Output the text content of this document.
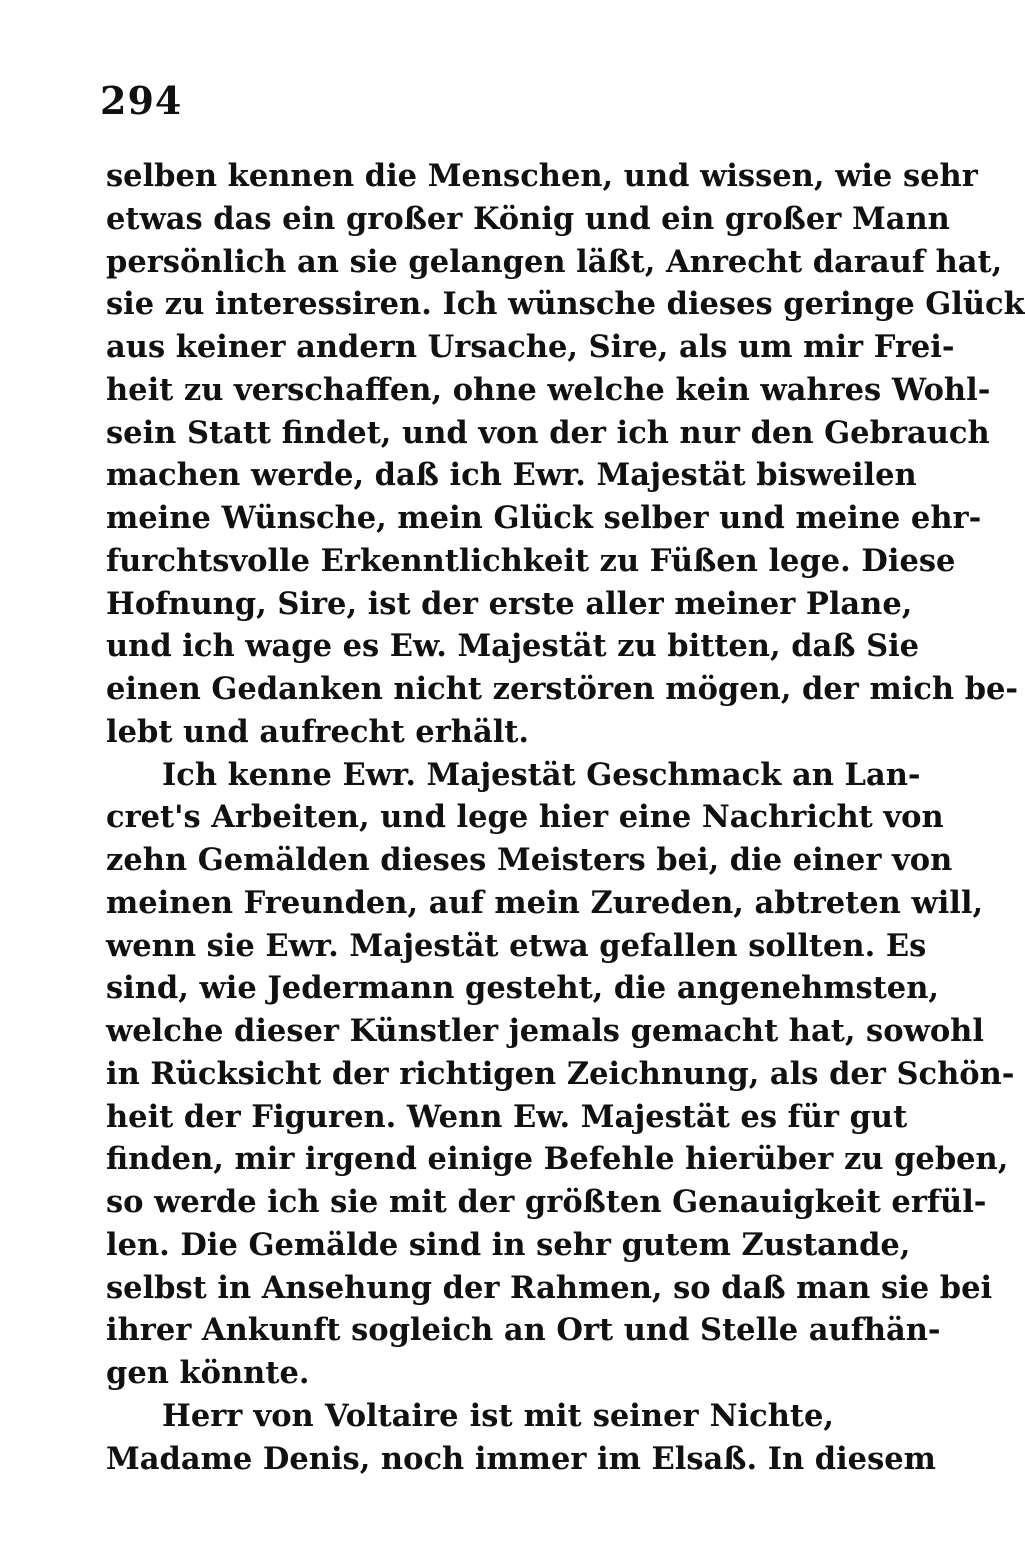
294
selben kennen die Menschen, und wissen, wie sehr
etwas das ein großer König und ein großer Mann
persönlich an sie gelangen läßt, Anrecht darauf hat,
sie zu interessiren. Ich wünsche dieses geringe Glück
aus keiner andern Ursache, Sire, als um mir Frei-
heit zu verschaffen, ohne welche kein wahres Wohl-
sein Statt findet, und von der ich nur den Gebrauch
machen werde, daß ich Ewr. Majestät bisweilen
meine Wünsche, mein Glück selber und meine ehr-
furchtsvolle Erkenntlichkeit zu Füßen lege. Diese
Hofnung, Sire, ist der erste aller meiner Plane,
und ich wage es Ew. Majestät zu bitten, daß Sie
einen Gedanken nicht zerstören mögen, der mich be-
lebt und aufrecht erhält.
Ich kenne Ewr. Majestät Geschmack an Lan-
cret's Arbeiten, und lege hier eine Nachricht von
zehn Gemälden dieses Meisters bei, die einer von
meinen Freunden, auf mein Zureden, abtreten will,
wenn sie Ewr. Majestät etwa gefallen sollten. Es
sind, wie Jedermann gesteht, die angenehmsten,
welche dieser Künstler jemals gemacht hat, sowohl
in Rücksicht der richtigen Zeichnung, als der Schön-
heit der Figuren. Wenn Ew. Majestät es für gut
finden, mir irgend einige Befehle hierüber zu geben,
so werde ich sie mit der größten Genauigkeit erfül-
len. Die Gemälde sind in sehr gutem Zustande,
selbst in Ansehung der Rahmen, so daß man sie bei
ihrer Ankunft sogleich an Ort und Stelle aufhän-
gen könnte.
Herr von Voltaire ist mit seiner Nichte,
Madame Denis, noch immer im Elsaß. In diesem
